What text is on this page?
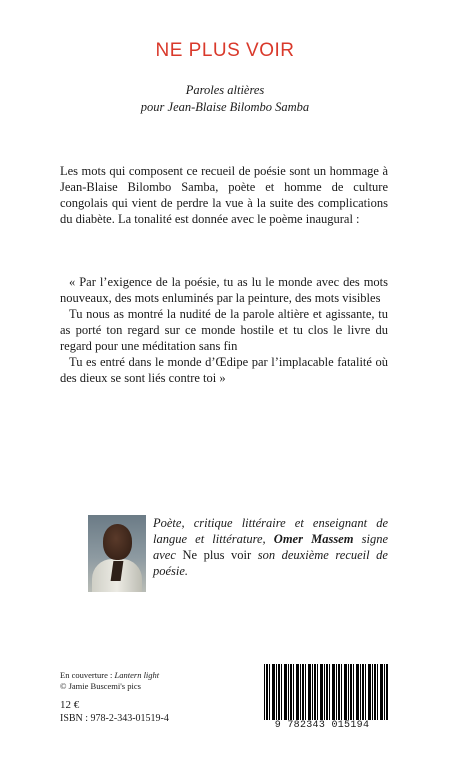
NE PLUS VOIR
Paroles altières
pour Jean-Blaise Bilombo Samba
Les mots qui composent ce recueil de poésie sont un hommage à Jean-Blaise Bilombo Samba, poète et homme de culture congolais qui vient de perdre la vue à la suite des complications du diabète. La tonalité est donnée avec le poème inaugural :

« Par l’exigence de la poésie, tu as lu le monde avec des mots nouveaux, des mots enluminés par la peinture, des mots visibles

Tu nous as montré la nudité de la parole altière et agissante, tu as porté ton regard sur ce monde hostile et tu clos le livre du regard pour une méditation sans fin

Tu es entré dans le monde d’Œdipe par l’implacable fatalité où des dieux se sont liés contre toi »

Poète, critique littéraire et enseignant de langue et littérature, Omer Massem signe avec Ne plus voir son deuxième recueil de poésie.
En couverture : Lantern light
© Jamie Buscemi's pics
12 €
ISBN : 978-2-343-01519-4
9 782343 015194
